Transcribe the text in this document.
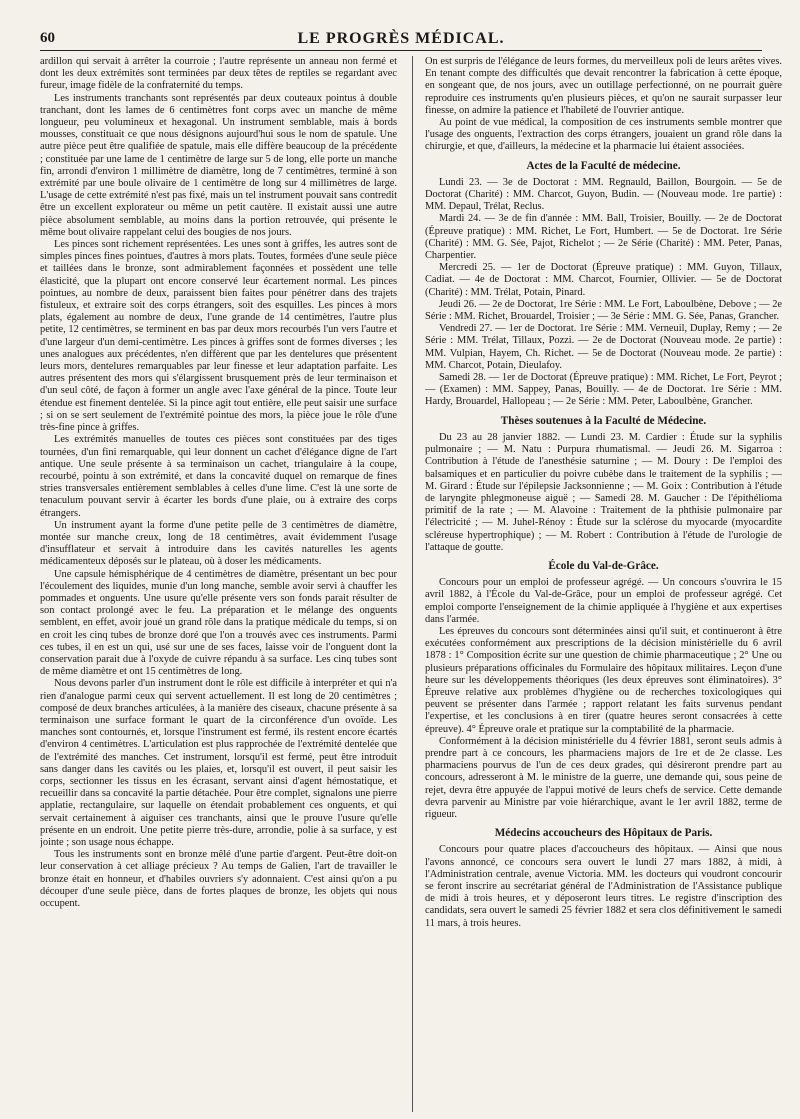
60	LE PROGRÈS MÉDICAL.

ardillon qui servait à arrêter la courroie ; l'autre représente un anneau non fermé et dont les deux extrémités sont terminées par deux têtes de reptiles se regardant avec fureur, image fidèle de la confraternité du temps.

Les instruments tranchants sont représentés par deux couteaux pointus à double tranchant, dont les lames de 6 centimètres font corps avec un manche de même longueur, peu volumineux et hexagonal. Un instrument semblable, mais à bords mousses, constituait ce que nous désignons aujourd'hui sous le nom de spatule. Une autre pièce peut être qualifiée de spatule, mais elle diffère beaucoup de la précédente ; constituée par une lame de 1 centimètre de large sur 5 de long, elle porte un manche fin, arrondi d'environ 1 millimètre de diamètre, long de 7 centimètres, terminé à son extrémité par une boule olivaire de 1 centimètre de long sur 4 millimètres de large. L'usage de cette extrémité n'est pas fixé, mais un tel instrument pouvait sans contredit être un excellent explorateur ou même un petit cautère. Il existait aussi une autre pièce absolument semblable, au moins dans la portion retrouvée, qui présente le même bout olivaire rappelant celui des bougies de nos jours.

Les pinces sont richement représentées. Les unes sont à griffes, les autres sont de simples pinces fines pointues, d'autres à mors plats. Toutes, formées d'une seule pièce et taillées dans le bronze, sont admirablement façonnées et possèdent une telle élasticité, que la plupart ont encore conservé leur écartement normal. Les pinces pointues, au nombre de deux, paraissent bien faites pour pénétrer dans des trajets fistuleux, et extraire soit des corps étrangers, soit des esquilles. Les pinces à mors plats, également au nombre de deux, l'une grande de 14 centimètres, l'autre plus petite, 12 centimètres, se terminent en bas par deux mors recourbés l'un vers l'autre et d'une largeur d'un demi-centimètre. Les pinces à griffes sont de formes diverses ; les unes analogues aux précédentes, n'en diffèrent que par les dentelures que présentent leurs mors, dentelures remarquables par leur finesse et leur adaptation parfaite. Les autres présentent des mors qui s'élargissent brusquement près de leur terminaison et d'un seul côté, de façon à former un angle avec l'axe général de la pince. Toute leur étendue est finement dentelée. Si la pince agit tout entière, elle peut saisir une surface ; si on se sert seulement de l'extrémité pointue des mors, la pièce joue le rôle d'une très-fine pince à griffes.

Les extrémités manuelles de toutes ces pièces sont constituées par des tiges tournées, d'un fini remarquable, qui leur donnent un cachet d'élégance digne de l'art antique. Une seule présente à sa terminaison un cachet, triangulaire à la coupe, recourbé, pointu à son extrémité, et dans la concavité duquel on remarque de fines stries transversales entièrement semblables à celles d'une lime. C'est là une sorte de tenaculum pouvant servir à écarter les bords d'une plaie, ou à extraire des corps étrangers.

Un instrument ayant la forme d'une petite pelle de 3 centimètres de diamètre, montée sur manche creux, long de 18 centimètres, avait évidemment l'usage d'insufflateur et servait à introduire dans les cavités naturelles les agents médicamenteux déposés sur le plateau, où à doser les médicaments.

Une capsule hémisphérique de 4 centimètres de diamètre, présentant un bec pour l'écoulement des liquides, munie d'un long manche, semble avoir servi à chauffer les pommades et onguents. Une usure qu'elle présente vers son fonds parait résulter de son contact prolongé avec le feu. La préparation et le mélange des onguents semblent, en effet, avoir joué un grand rôle dans la pratique médicale du temps, si on en croit les cinq tubes de bronze doré que l'on a trouvés avec ces instruments. Parmi ces tubes, il en est un qui, usé sur une de ses faces, laisse voir de l'onguent dont la conservation parait due à l'oxyde de cuivre répandu à sa surface. Les cinq tubes sont de même diamètre et ont 15 centimètres de long.

Nous devons parler d'un instrument dont le rôle est difficile à interpréter et qui n'a rien d'analogue parmi ceux qui servent actuellement. Il est long de 20 centimètres ; composé de deux branches articulées, à la manière des ciseaux, chacune présente à sa terminaison une surface formant le quart de la circonférence d'un ovoïde. Les manches sont contournés, et, lorsque l'instrument est fermé, ils restent encore écartés d'environ 4 centimètres. L'articulation est plus rapprochée de l'extrémité dentelée que de l'extrémité des manches. Cet instrument, lorsqu'il est fermé, peut être introduit sans danger dans les cavités ou les plaies, et, lorsqu'il est ouvert, il peut saisir les corps, sectionner les tissus en les écrasant, servant ainsi d'agent hémostatique, et recueillir dans sa concavité la partie détachée. Pour être complet, signalons une pierre applatie, rectangulaire, sur laquelle on étendait probablement ces onguents, et qui servait certainement à aiguiser ces tranchants, ainsi que le prouve l'usure qu'elle présente en un endroit. Une petite pierre très-dure, arrondie, polie à sa surface, y est jointe ; son usage nous échappe.

Tous les instruments sont en bronze mêlé d'une partie d'argent. Peut-être doit-on leur conservation à cet alliage précieux ? Au temps de Galien, l'art de travailler le bronze était en honneur, et d'habiles ouvriers s'y adonnaient. C'est ainsi qu'on a pu découper d'une seule pièce, dans de fortes plaques de bronze, les objets qui nous occupent.

On est surpris de l'élégance de leurs formes, du merveilleux poli de leurs arêtes vives. En tenant compte des difficultés que devait rencontrer la fabrication à cette époque, en songeant que, de nos jours, avec un outillage perfectionné, on ne pourrait guère reproduire ces instruments qu'en plusieurs pièces, et qu'on ne saurait surpasser leur finesse, on admire la patience et l'habileté de l'ouvrier antique.

Au point de vue médical, la composition de ces instruments semble montrer que l'usage des onguents, l'extraction des corps étrangers, jouaient un grand rôle dans la chirurgie, et que, d'ailleurs, la médecine et la pharmacie lui étaient associées.

Actes de la Faculté de médecine.

Lundi 23. — 3e de Doctorat : MM. Regnauld, Baillon, Bourgoin. — 5e de Doctorat (Charité) : MM. Charcot, Guyon, Budin. — (Nouveau mode. 1re partie) : MM. Depaul, Trélat, Reclus.

Mardi 24. — 3e de fin d'année : MM. Ball, Troisier, Bouilly. — 2e de Doctorat (Épreuve pratique) : MM. Richet, Le Fort, Humbert. — 5e de Doctorat. 1re Série (Charité) : MM. G. Sée, Pajot, Richelot ; — 2e Série (Charité) : MM. Peter, Panas, Charpentier.

Mercredi 25. — 1er de Doctorat (Épreuve pratique) : MM. Guyon, Tillaux, Cadiat. — 4e de Doctorat : MM. Charcot, Fournier, Ollivier. — 5e de Doctorat (Charité) : MM. Trélat, Potain, Pinard.

Jeudi 26. — 2e de Doctorat, 1re Série : MM. Le Fort, Laboulbène, Debove ; — 2e Série : MM. Richet, Brouardel, Troisier ; — 3e Série : MM. G. Sée, Panas, Grancher.

Vendredi 27. — 1er de Doctorat. 1re Série : MM. Verneuil, Duplay, Remy ; — 2e Série : MM. Trélat, Tillaux, Pozzi. — 2e de Doctorat (Nouveau mode. 2e partie) : MM. Vulpian, Hayem, Ch. Richet. — 5e de Doctorat (Nouveau mode. 2e partie) : MM. Charcot, Potain, Dieulafoy.

Samedi 28. — 1er de Doctorat (Épreuve pratique) : MM. Richet, Le Fort, Peyrot ; — (Examen) : MM. Sappey, Panas, Bouilly. — 4e de Doctorat. 1re Série : MM. Hardy, Brouardel, Hallopeau ; — 2e Série : MM. Peter, Laboulbène, Grancher.

Thèses soutenues à la Faculté de Médecine.

Du 23 au 28 janvier 1882. — Lundi 23. M. Cardier : Étude sur la syphilis pulmonaire ; — M. Natu : Purpura rhumatismal. — Jeudi 26. M. Sigarroa : Contribution à l'étude de l'anesthésie saturnine ; — M. Doury : De l'emploi des balsamiques et en particulier du poivre cubèbe dans le traitement de la syphilis ; — M. Girard : Étude sur l'épilepsie Jacksonnienne ; — M. Goix : Contribution à l'étude de laryngite phlegmoneuse aiguë ; — Samedi 28. M. Gaucher : De l'épithélioma primitif de la rate ; — M. Alavoine : Traitement de la phthisie pulmonaire par l'électricité ; — M. Juhel-Rénoy : Étude sur la sclérose du myocarde (myocardite scléreuse hypertrophique) ; — M. Robert : Contribution à l'étude de l'urologie de l'attaque de goutte.

École du Val-de-Grâce.

Concours pour un emploi de professeur agrégé. — Un concours s'ouvrira le 15 avril 1882, à l'École du Val-de-Grâce, pour un emploi de professeur agrégé. Cet emploi comporte l'enseignement de la chimie appliquée à l'hygiène et aux expertises dans l'armée.

Les épreuves du concours sont déterminées ainsi qu'il suit, et continueront à être exécutées conformément aux prescriptions de la décision ministérielle du 6 avril 1878 : 1° Composition écrite sur une question de chimie pharmaceutique ; 2° Une ou plusieurs préparations officinales du Formulaire des hôpitaux militaires. Leçon d'une heure sur les développements théoriques (les deux épreuves sont éliminatoires). 3° Épreuve relative aux problèmes d'hygiène ou de recherches toxicologiques qui peuvent se présenter dans l'armée ; rapport relatant les faits survenus pendant l'expertise, et les conclusions à en tirer (quatre heures seront consacrées à cette épreuve). 4° Épreuve orale et pratique sur la comptabilité de la pharmacie.

Conformément à la décision ministérielle du 4 février 1881, seront seuls admis à prendre part à ce concours, les pharmaciens majors de 1re et de 2e classe. Les pharmaciens pourvus de l'un de ces deux grades, qui désireront prendre part au concours, adresseront à M. le ministre de la guerre, une demande qui, sous peine de rejet, devra être appuyée de l'appui motivé de leurs chefs de service. Cette demande devra parvenir au Ministre par voie hiérarchique, avant le 1er avril 1882, terme de rigueur.

Médecins accoucheurs des Hôpitaux de Paris.

Concours pour quatre places d'accoucheurs des hôpitaux. — Ainsi que nous l'avons annoncé, ce concours sera ouvert le lundi 27 mars 1882, à midi, à l'Administration centrale, avenue Victoria. MM. les docteurs qui voudront concourir se feront inscrire au secrétariat général de l'Administration de l'Assistance publique de midi à trois heures, et y déposeront leurs titres. Le registre d'inscription des candidats, sera ouvert le samedi 25 février 1882 et sera clos définitivement le samedi 11 mars, à trois heures.
